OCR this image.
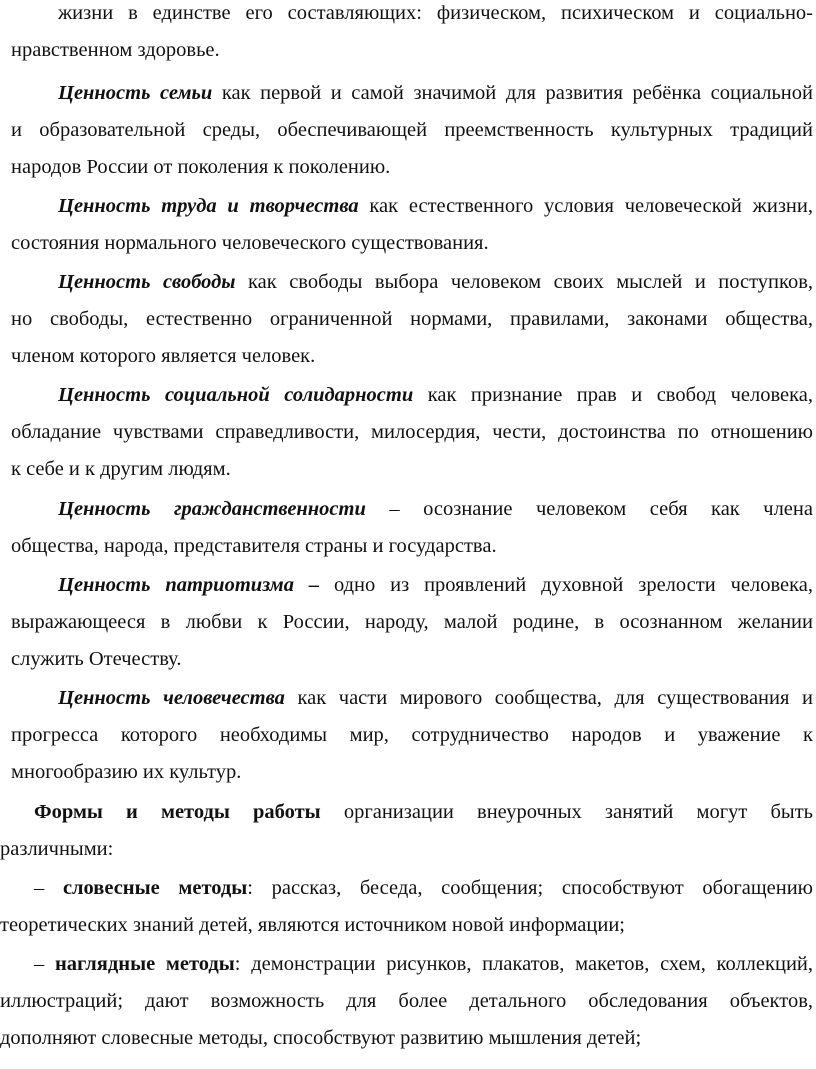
жизни в единстве его составляющих: физическом, психическом и социально-
нравственном здоровье.
Ценность семьи как первой и самой значимой для развития ребёнка социальной
и образовательной среды, обеспечивающей преемственность культурных традиций
народов России от поколения к поколению.
Ценность труда и творчества как естественного условия человеческой жизни,
состояния нормального человеческого существования.
Ценность свободы как свободы выбора человеком своих мыслей и поступков,
но свободы, естественно ограниченной нормами, правилами, законами общества,
членом которого является человек.
Ценность социальной солидарности как признание прав и свобод человека,
обладание чувствами справедливости, милосердия, чести, достоинства по отношению
к себе и к другим людям.
Ценность гражданственности – осознание человеком себя как члена
общества, народа, представителя страны и государства.
Ценность патриотизма – одно из проявлений духовной зрелости человека,
выражающееся в любви к России, народу, малой родине, в осознанном желании
служить Отечеству.
Ценность человечества как части мирового сообщества, для существования и
прогресса которого необходимы мир, сотрудничество народов и уважение к
многообразию их культур.
Формы и методы работы организации внеурочных занятий могут быть
различными:
– словесные методы: рассказ, беседа, сообщения; способствуют обогащению
теоретических знаний детей, являются источником новой информации;
– наглядные методы: демонстрации рисунков, плакатов, макетов, схем, коллекций,
иллюстраций; дают возможность для более детального обследования объектов,
дополняют словесные методы, способствуют развитию мышления детей;
